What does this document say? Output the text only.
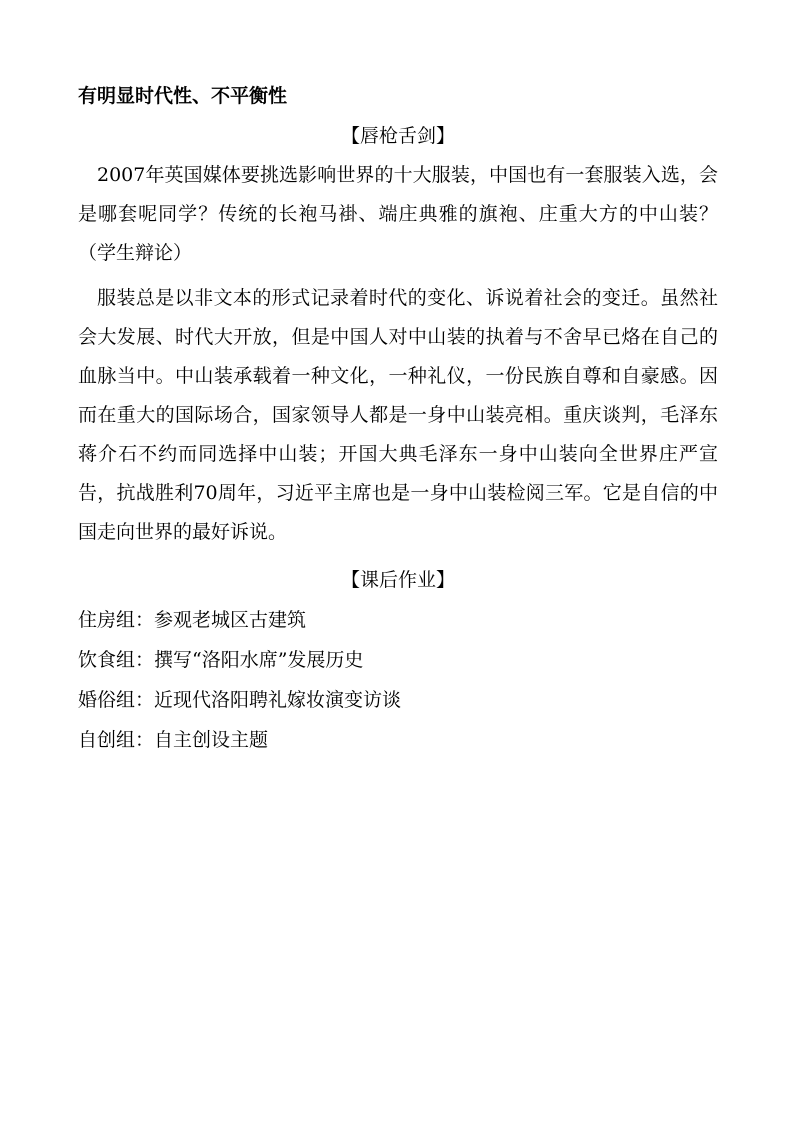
有明显时代性、不平衡性
【唇枪舌剑】
2007年英国媒体要挑选影响世界的十大服装，中国也有一套服装入选，会是哪套呢同学？传统的长袍马褂、端庄典雅的旗袍、庄重大方的中山装？（学生辩论）
服装总是以非文本的形式记录着时代的变化、诉说着社会的变迁。虽然社会大发展、时代大开放，但是中国人对中山装的执着与不舍早已烙在自己的血脉当中。中山装承载着一种文化，一种礼仪，一份民族自尊和自豪感。因而在重大的国际场合，国家领导人都是一身中山装亮相。重庆谈判，毛泽东蒋介石不约而同选择中山装；开国大典毛泽东一身中山装向全世界庄严宣告，抗战胜利70周年，习近平主席也是一身中山装检阅三军。它是自信的中国走向世界的最好诉说。
【课后作业】
住房组：参观老城区古建筑
饮食组：撰写“洛阳水席”发展历史
婚俗组：近现代洛阳聘礼嫁妆演变访谈
自创组：自主创设主题
